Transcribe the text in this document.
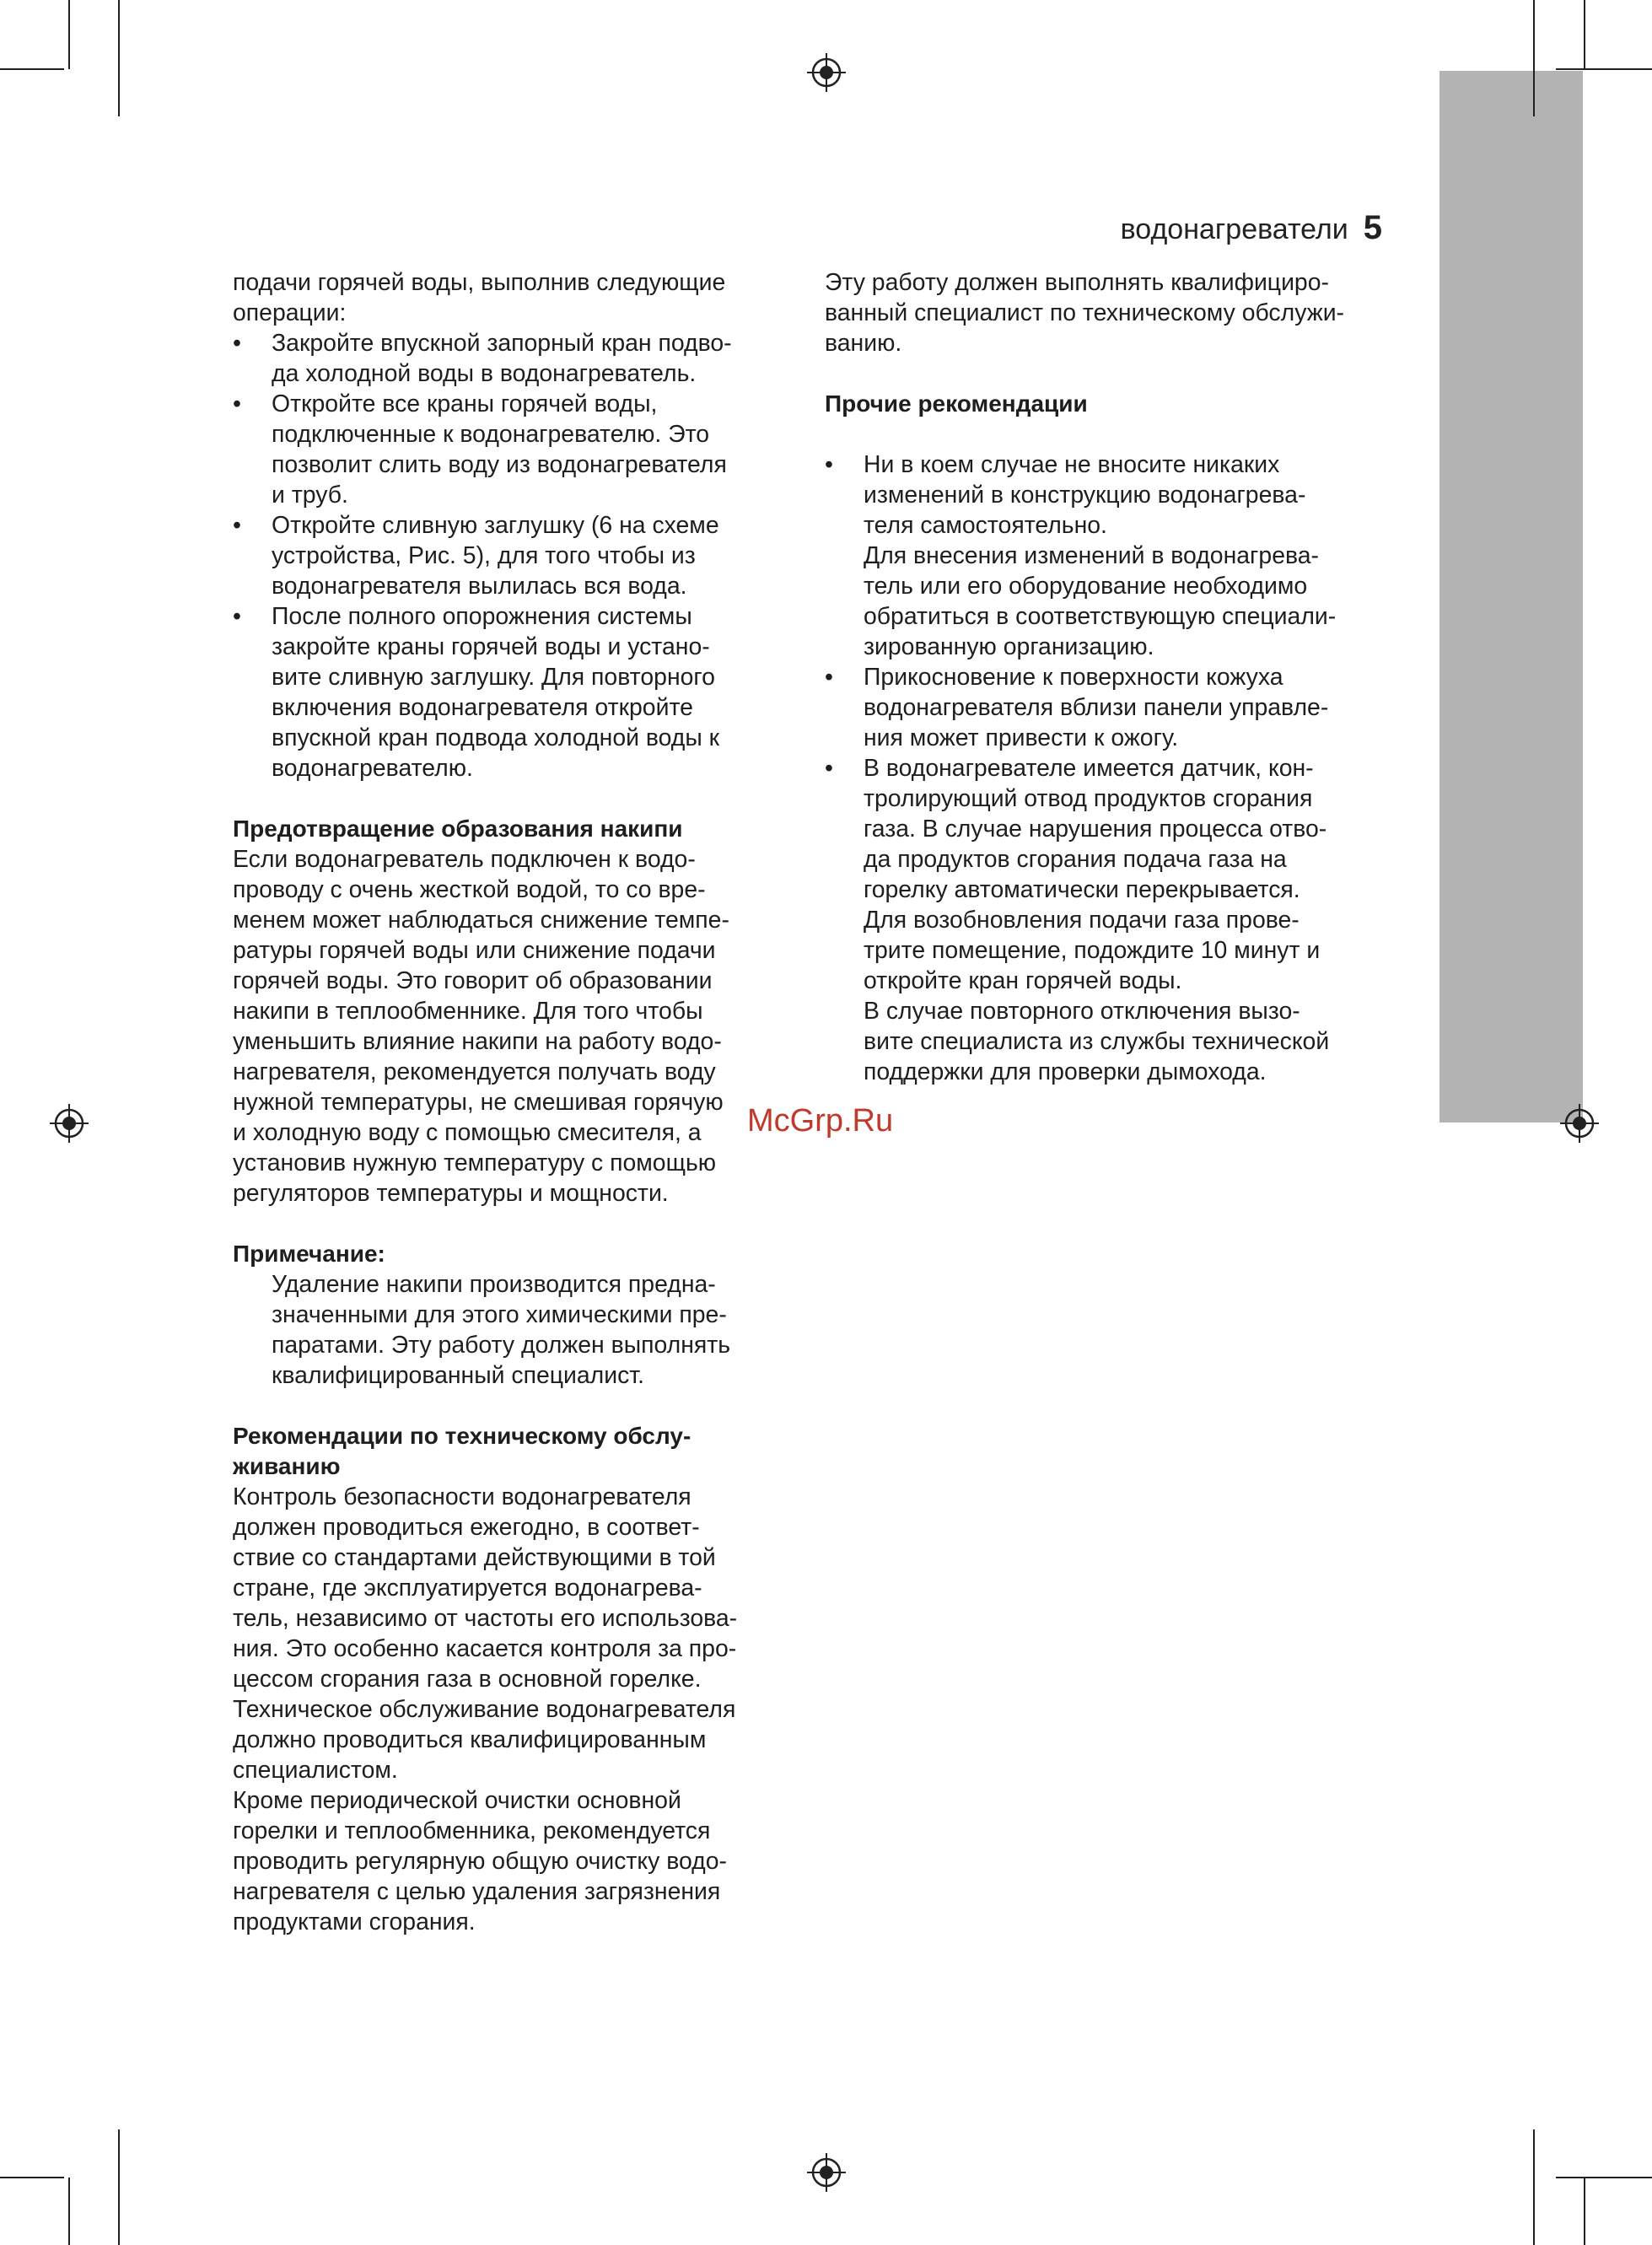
водонагреватели 5

подачи горячей воды, выполнив следующие
операции:

• Закройте впускной запорный кран подво-
да холодной воды в водонагреватель.
• Откройте все краны горячей воды,
подключенные к водонагревателю. Это
позволит слить воду из водонагревателя
и труб.
• Откройте сливную заглушку (6 на схеме
устройства, Рис. 5), для того чтобы из
водонагревателя вылилась вся вода.
• После полного опорожнения системы
закройте краны горячей воды и устано-
вите сливную заглушку. Для повторного
включения водонагревателя откройте
впускной кран подвода холодной воды к
водонагревателю.
Предотвращение образования накипи

Если водонагреватель подключен к водо-
проводу с очень жесткой водой, то со вре-
менем может наблюдаться снижение темпе-
ратуры горячей воды или снижение подачи
горячей воды. Это говорит об образовании
накипи в теплообменнике. Для того чтобы
уменьшить влияние накипи на работу водо-
нагревателя, рекомендуется получать воду
нужной температуры, не смешивая горячую
и холодную воду с помощью смесителя, а
установив нужную температуру с помощью
регуляторов температуры и мощности.

Примечание:

Удаление накипи производится предна-
значенными для этого химическими пре-
паратами. Эту работу должен выполнять
квалифицированный специалист.

Рекомендации по техническому обслу-
живанию

Контроль безопасности водонагревателя
должен проводиться ежегодно, в соответ-
ствие со стандартами действующими в той
стране, где эксплуатируется водонагрева-
тель, независимо от частоты его использова-
ния. Это особенно касается контроля за про-
цессом сгорания газа в основной горелке.
Техническое обслуживание водонагревателя
должно проводиться квалифицированным
специалистом.
Кроме периодической очистки основной
горелки и теплообменника, рекомендуется
проводить регулярную общую очистку водо-
нагревателя с целью удаления загрязнения
продуктами сгорания.

Эту работу должен выполнять квалифициро-
ванный специалист по техническому обслужи-
ванию.

Прочие рекомендации
• Ни в коем случае не вносите никаких
изменений в конструкцию водонагрева-
теля самостоятельно.
Для внесения изменений в водонагрева-
тель или его оборудование необходимо
обратиться в соответствующую специали-
зированную организацию.
• Прикосновение к поверхности кожуха
водонагревателя вблизи панели управле-
ния может привести к ожогу.
• В водонагревателе имеется датчик, кон-
тролирующий отвод продуктов сгорания
газа. В случае нарушения процесса отво-
да продуктов сгорания подача газа на
горелку автоматически перекрывается.
Для возобновления подачи газа прове-
трите помещение, подождите 10 минут и
откройте кран горячей воды.
В случае повторного отключения вызо-
вите специалиста из службы технической
поддержки для проверки дымохода.
McGrp.Ru
